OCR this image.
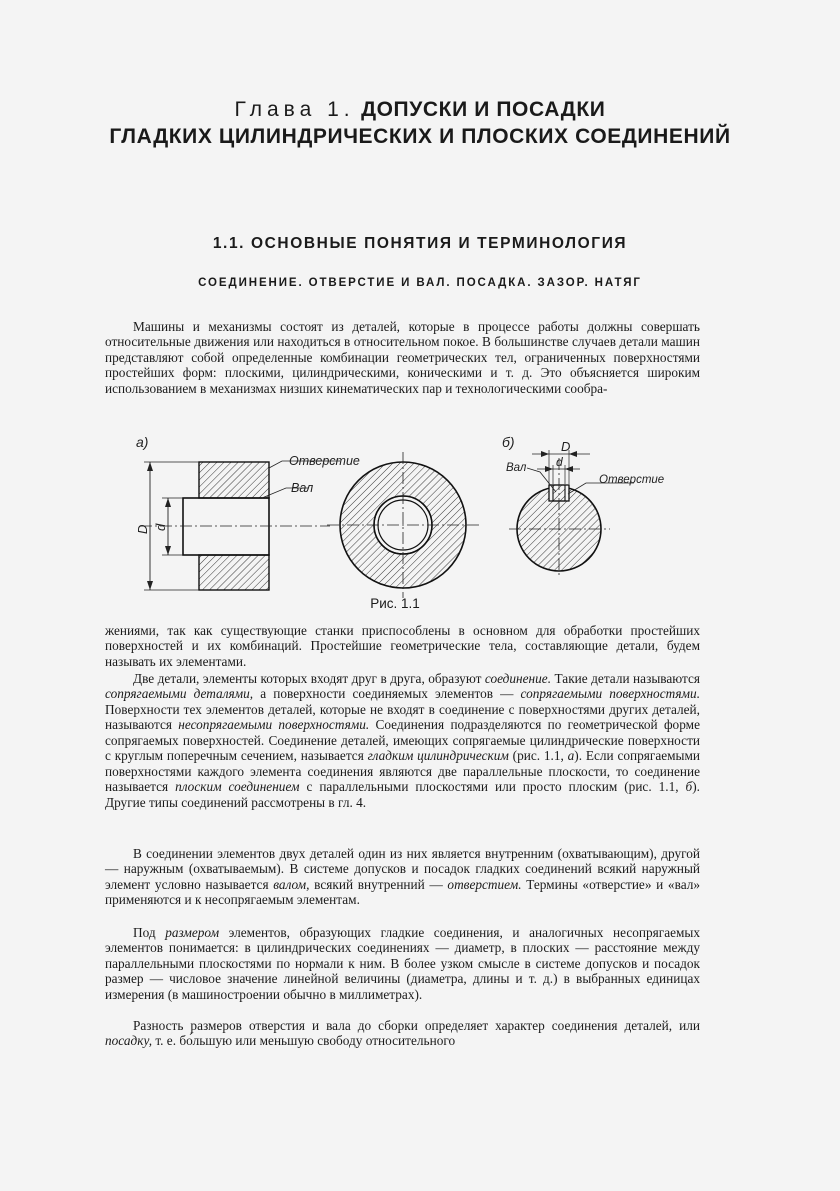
Глава 1. ДОПУСКИ И ПОСАДКИ
ГЛАДКИХ ЦИЛИНДРИЧЕСКИХ И ПЛОСКИХ СОЕДИНЕНИЙ
1.1. ОСНОВНЫЕ ПОНЯТИЯ И ТЕРМИНОЛОГИЯ
СОЕДИНЕНИЕ. ОТВЕРСТИЕ И ВАЛ. ПОСАДКА. ЗАЗОР. НАТЯГ

Машины и механизмы состоят из деталей, которые в процессе работы должны совершать относительные движения или находиться в относительном покое. В большинстве случаев детали машин представляют собой определенные комбинации геометрических тел, ограниченных поверхностями простейших форм: плоскими, цилиндрическими, коническими и т. д. Это объясняется широким использованием в механизмах низших кинематических пар и технологическими сообра-

а)	б)
Отверстие
Вал
D d
D
d
Вал
Отверстие
Рис. 1.1

жениями, так как существующие станки приспособлены в основном для обработки простейших поверхностей и их комбинаций. Простейшие геометрические тела, составляющие детали, будем называть их элементами.

Две детали, элементы которых входят друг в друга, образуют соединение. Такие детали называются сопрягаемыми деталями, а поверхности соединяемых элементов — сопрягаемыми поверхностями. Поверхности тех элементов деталей, которые не входят в соединение с поверхностями других деталей, называются несопрягаемыми поверхностями. Соединения подразделяются по геометрической форме сопрягаемых поверхностей. Соединение деталей, имеющих сопрягаемые цилиндрические поверхности с круглым поперечным сечением, называется гладким цилиндрическим (рис. 1.1, а). Если сопрягаемыми поверхностями каждого элемента соединения являются две параллельные плоскости, то соединение называется плоским соединением с параллельными плоскостями или просто плоским (рис. 1.1, б). Другие типы соединений рассмотрены в гл. 4.

В соединении элементов двух деталей один из них является внутренним (охватывающим), другой — наружным (охватываемым). В системе допусков и посадок гладких соединений всякий наружный элемент условно называется валом, всякий внутренний — отверстием. Термины «отверстие» и «вал» применяются и к несопрягаемым элементам.

Под размером элементов, образующих гладкие соединения, и аналогичных несопрягаемых элементов понимается: в цилиндрических соединениях — диаметр, в плоских — расстояние между параллельными плоскостями по нормали к ним. В более узком смысле в системе допусков и посадок размер — числовое значение линейной величины (диаметра, длины и т. д.) в выбранных единицах измерения (в машиностроении обычно в миллиметрах).

Разность размеров отверстия и вала до сборки определяет характер соединения деталей, или посадку, т. е. бо́льшую или меньшую свободу относительного
